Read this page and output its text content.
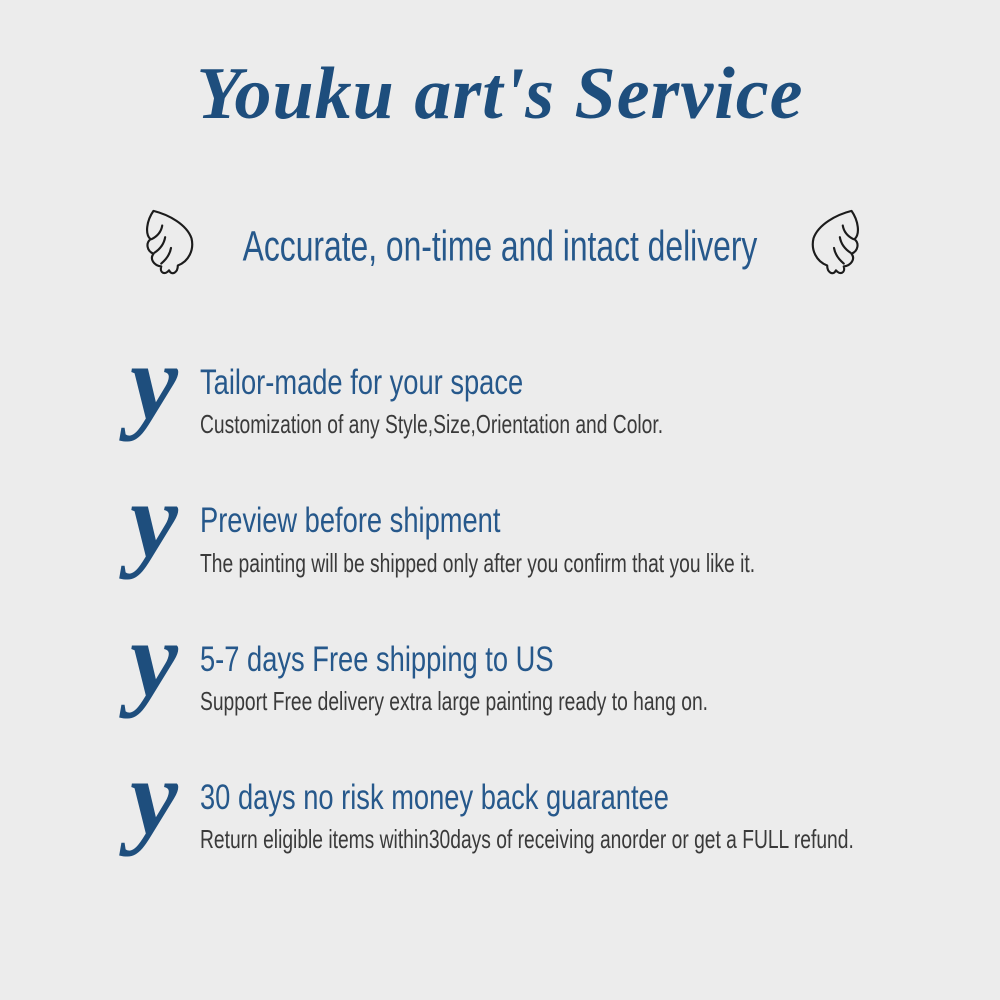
Youku art's Service
Accurate, on-time and intact delivery
y Tailor-made for your space
Customization of any Style,Size,Orientation and Color.
y Preview before shipment
The painting will be shipped only after you confirm that you like it.
y 5-7 days Free shipping to US
Support Free delivery extra large painting ready to hang on.
y 30 days no risk money back guarantee
Return eligible items within30days of receiving anorder or get a FULL refund.
